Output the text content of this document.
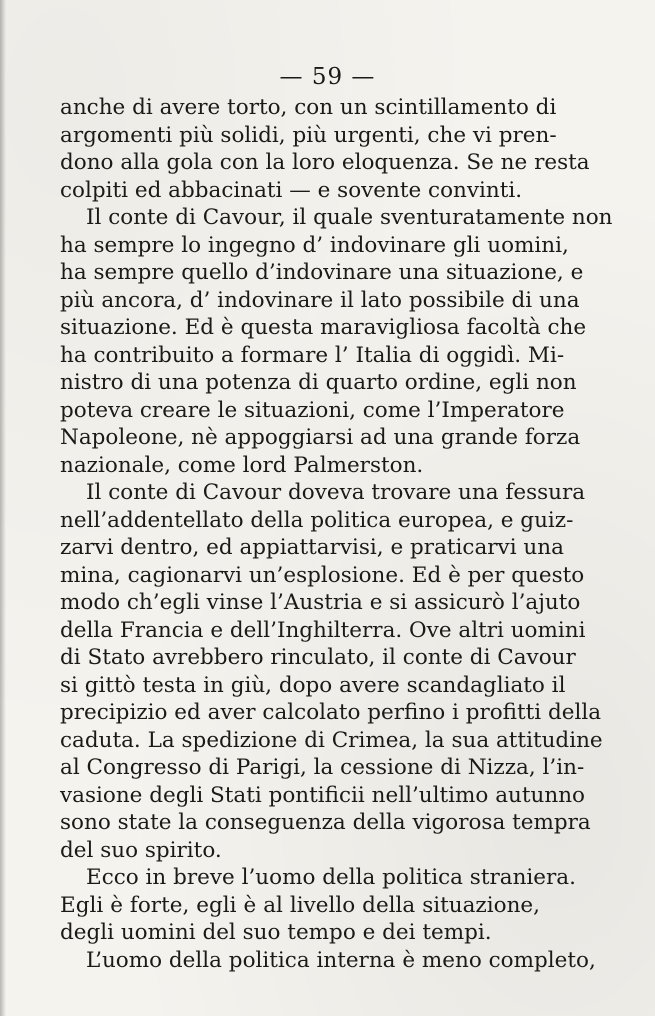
— 59 —
anche di avere torto, con un scintillamento di
argomenti più solidi, più urgenti, che vi pren-
dono alla gola con la loro eloquenza. Se ne resta
colpiti ed abbacinati — e sovente convinti.
Il conte di Cavour, il quale sventuratamente non
ha sempre lo ingegno d’ indovinare gli uomini,
ha sempre quello d’indovinare una situazione, e
più ancora, d’ indovinare il lato possibile di una
situazione. Ed è questa maravigliosa facoltà che
ha contribuito a formare l’ Italia di oggidì. Mi-
nistro di una potenza di quarto ordine, egli non
poteva creare le situazioni, come l’Imperatore
Napoleone, nè appoggiarsi ad una grande forza
nazionale, come lord Palmerston.
Il conte di Cavour doveva trovare una fessura
nell’addentellato della politica europea, e guiz-
zarvi dentro, ed appiattarvisi, e praticarvi una
mina, cagionarvi un’esplosione. Ed è per questo
modo ch’egli vinse l’Austria e si assicurò l’ajuto
della Francia e dell’Inghilterra. Ove altri uomini
di Stato avrebbero rinculato, il conte di Cavour
si gittò testa in giù, dopo avere scandagliato il
precipizio ed aver calcolato perfino i profitti della
caduta. La spedizione di Crimea, la sua attitudine
al Congresso di Parigi, la cessione di Nizza, l’in-
vasione degli Stati pontificii nell’ultimo autunno
sono state la conseguenza della vigorosa tempra
del suo spirito.
Ecco in breve l’uomo della politica straniera.
Egli è forte, egli è al livello della situazione,
degli uomini del suo tempo e dei tempi.
L’uomo della politica interna è meno completo,
